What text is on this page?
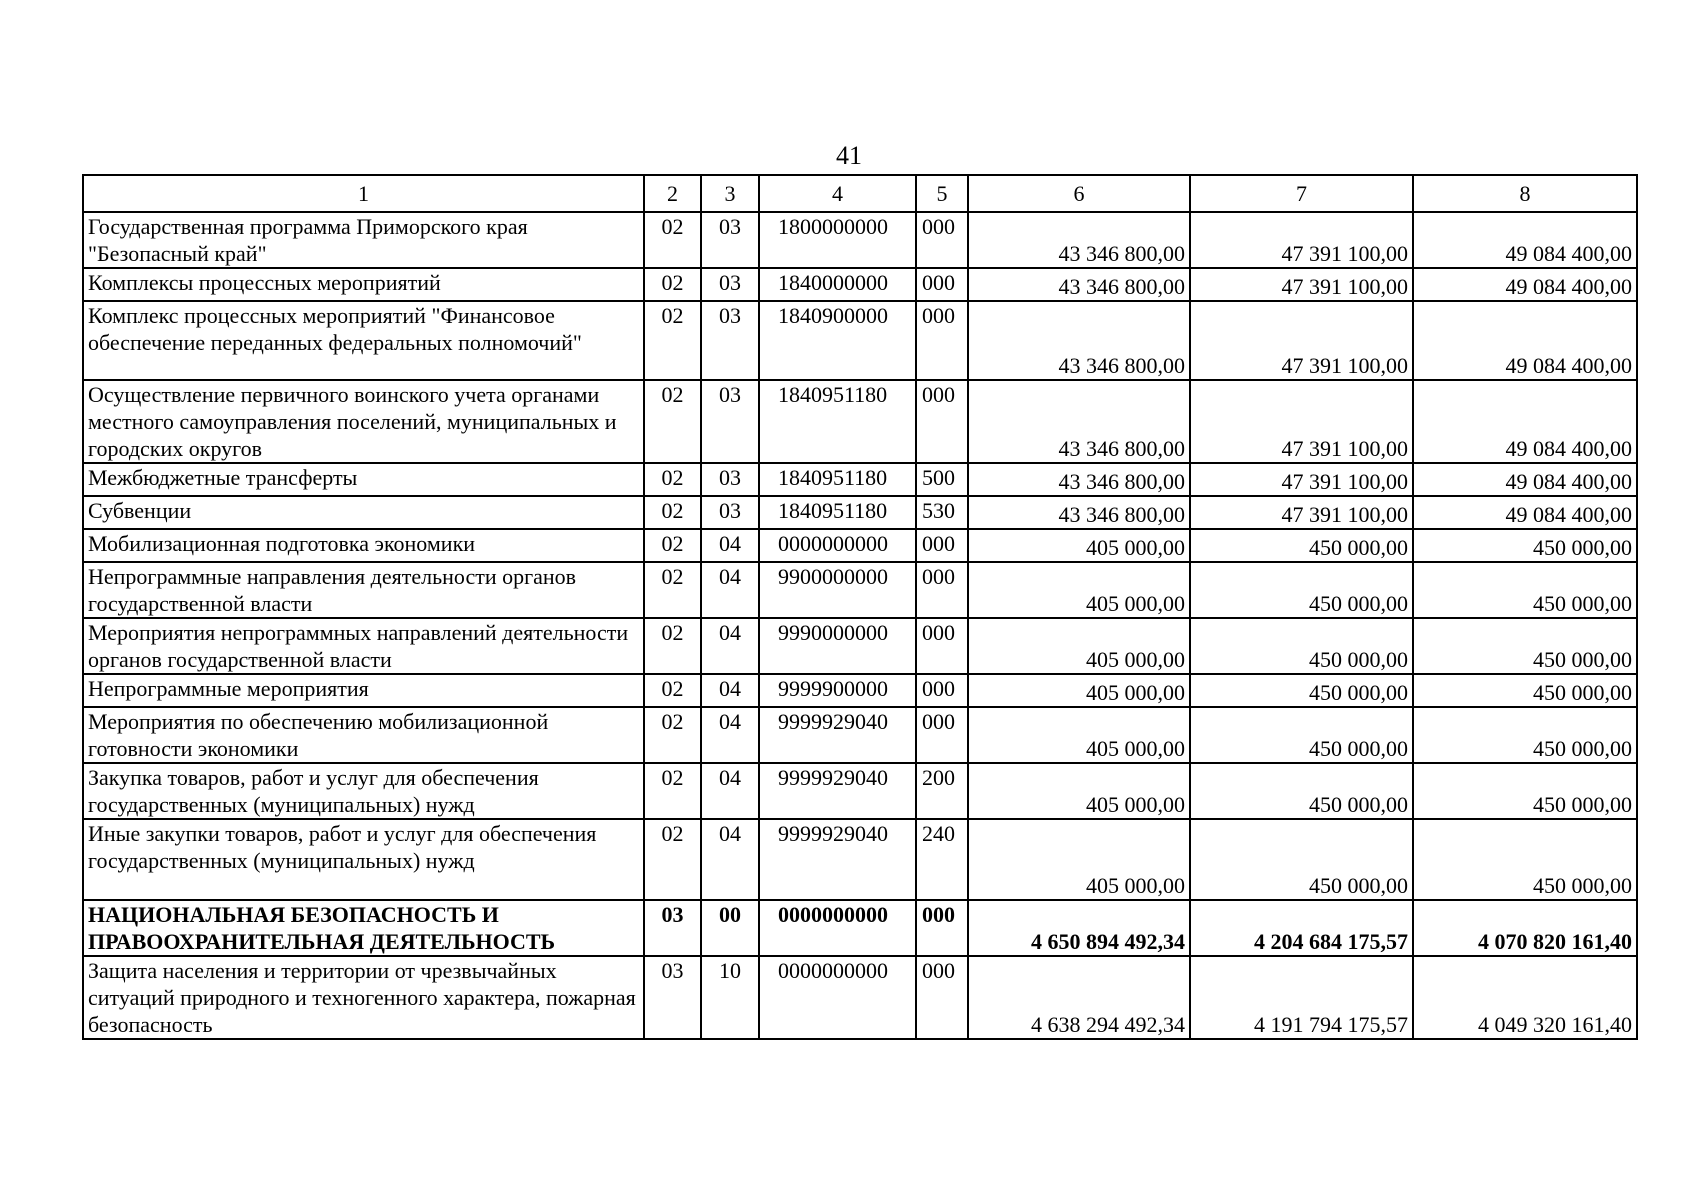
41
1	2	3	4	5	6	7	8
Государственная программа Приморского края "Безопасный край"	02	03	1800000000	000	43 346 800,00	47 391 100,00	49 084 400,00
Комплексы процессных мероприятий	02	03	1840000000	000	43 346 800,00	47 391 100,00	49 084 400,00
Комплекс процессных мероприятий "Финансовое обеспечение переданных федеральных полномочий"	02	03	1840900000	000	43 346 800,00	47 391 100,00	49 084 400,00
Осуществление первичного воинского учета органами местного самоуправления поселений, муниципальных и городских округов	02	03	1840951180	000	43 346 800,00	47 391 100,00	49 084 400,00
Межбюджетные трансферты	02	03	1840951180	500	43 346 800,00	47 391 100,00	49 084 400,00
Субвенции	02	03	1840951180	530	43 346 800,00	47 391 100,00	49 084 400,00
Мобилизационная подготовка экономики	02	04	0000000000	000	405 000,00	450 000,00	450 000,00
Непрограммные направления деятельности органов государственной власти	02	04	9900000000	000	405 000,00	450 000,00	450 000,00
Мероприятия непрограммных направлений деятельности органов государственной власти	02	04	9990000000	000	405 000,00	450 000,00	450 000,00
Непрограммные мероприятия	02	04	9999900000	000	405 000,00	450 000,00	450 000,00
Мероприятия по обеспечению мобилизационной готовности экономики	02	04	9999929040	000	405 000,00	450 000,00	450 000,00
Закупка товаров, работ и услуг для обеспечения государственных (муниципальных) нужд	02	04	9999929040	200	405 000,00	450 000,00	450 000,00
Иные закупки товаров, работ и услуг для обеспечения государственных (муниципальных) нужд	02	04	9999929040	240	405 000,00	450 000,00	450 000,00
НАЦИОНАЛЬНАЯ БЕЗОПАСНОСТЬ И ПРАВООХРАНИТЕЛЬНАЯ ДЕЯТЕЛЬНОСТЬ	03	00	0000000000	000	4 650 894 492,34	4 204 684 175,57	4 070 820 161,40
Защита населения и территории от чрезвычайных ситуаций природного и техногенного характера, пожарная безопасность	03	10	0000000000	000	4 638 294 492,34	4 191 794 175,57	4 049 320 161,40
